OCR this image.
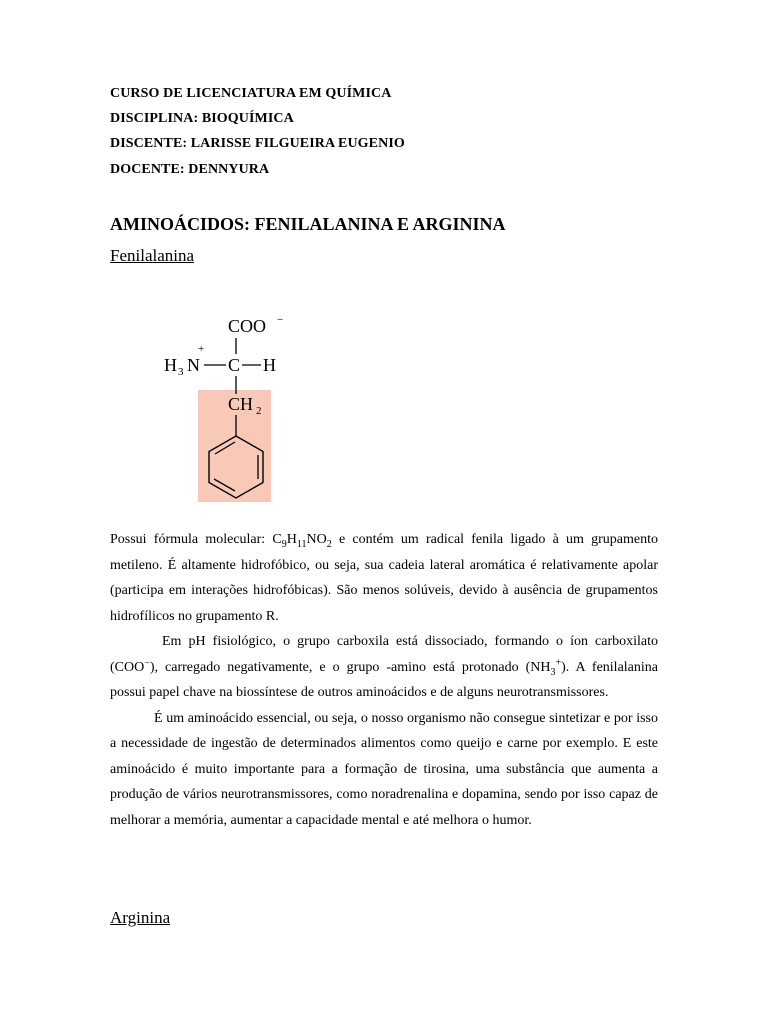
CURSO DE LICENCIATURA EM QUÍMICA
DISCIPLINA: BIOQUÍMICA
DISCENTE: LARISSE FILGUEIRA EUGENIO
DOCENTE: DENNYURA
AMINOÁCIDOS: FENILALANINA E ARGININA
Fenilalanina
COO −
+
H 3 N C H
CH 2

Possui fórmula molecular: $C_9H_{11}NO_2$ e contém um radical fenila ligado à um grupamento metileno. É altamente hidrofóbico, ou seja, sua cadeia lateral aromática é relativamente apolar (participa em interações hidrofóbicas). São menos solúveis, devido à ausência de grupamentos hidrofílicos no grupamento R.

Em pH fisiológico, o grupo carboxila está dissociado, formando o íon carboxilato (COO−), carregado negativamente, e o grupo -amino está protonado $(NH_3^+)$. A fenilalanina possui papel chave na biossíntese de outros aminoácidos e de alguns neurotransmissores.

É um aminoácido essencial, ou seja, o nosso organismo não consegue sintetizar e por isso a necessidade de ingestão de determinados alimentos como queijo e carne por exemplo. E este aminoácido é muito importante para a formação de tirosina, uma substância que aumenta a produção de vários neurotransmissores, como noradrenalina e dopamina, sendo por isso capaz de melhorar a memória, aumentar a capacidade mental e até melhora o humor.

Arginina
